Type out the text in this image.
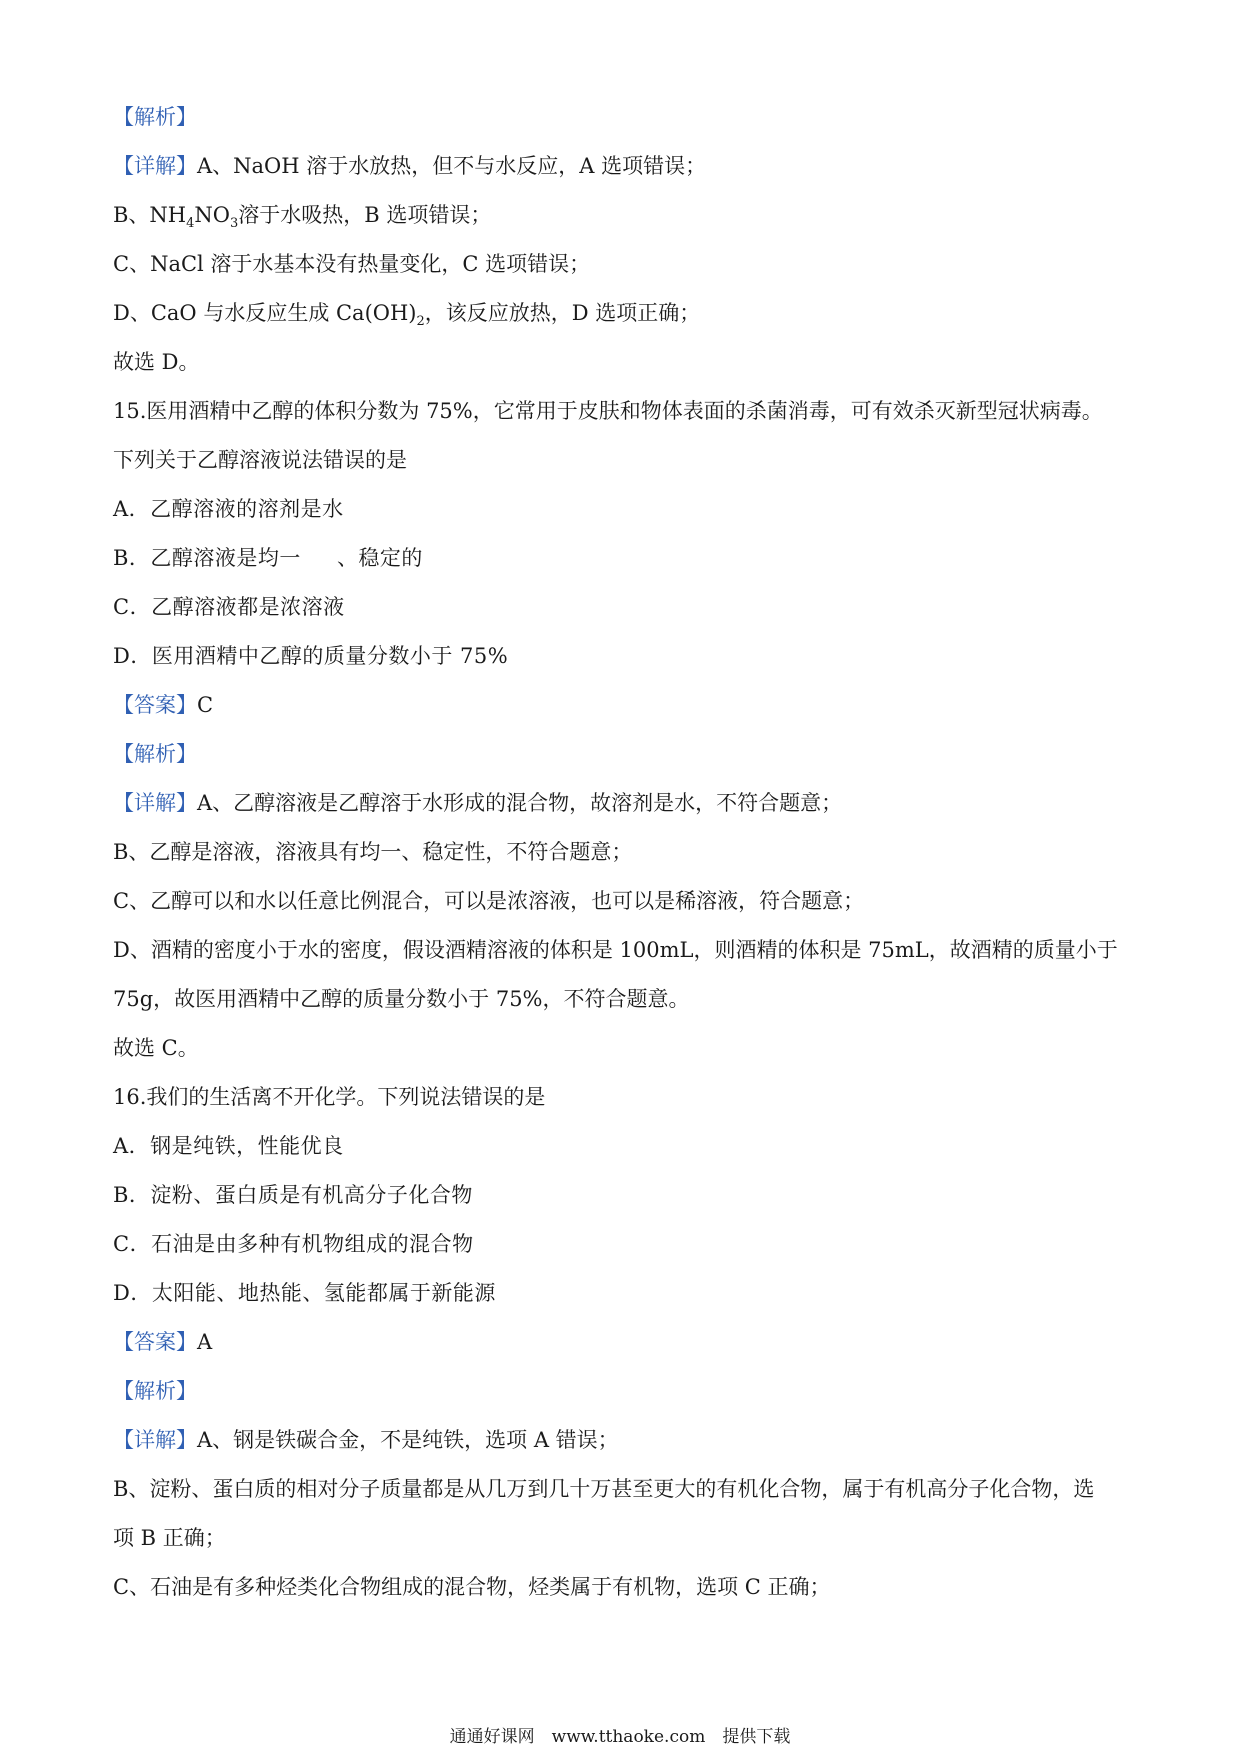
【解析】
【详解】A、NaOH 溶于水放热，但不与水反应，A 选项错误；
B、$NH_4NO_3$溶于水吸热，B 选项错误；
C、NaCl 溶于水基本没有热量变化，C 选项错误；
D、CaO 与水反应生成 $Ca(OH)_2$，该反应放热，D 选项正确；
故选 D。
15.医用酒精中乙醇的体积分数为 75%，它常用于皮肤和物体表面的杀菌消毒，可有效杀灭新型冠状病毒。
下列关于乙醇溶液说法错误的是
A．乙醇溶液的溶剂是水
B．乙醇溶液是均一 、稳定的
C．乙醇溶液都是浓溶液
D．医用酒精中乙醇的质量分数小于 75%
【答案】C
【解析】
【详解】A、乙醇溶液是乙醇溶于水形成的混合物，故溶剂是水，不符合题意；
B、乙醇是溶液，溶液具有均一、稳定性，不符合题意；
C、乙醇可以和水以任意比例混合，可以是浓溶液，也可以是稀溶液，符合题意；
D、酒精的密度小于水的密度，假设酒精溶液的体积是 100mL，则酒精的体积是 75mL，故酒精的质量小于
75g，故医用酒精中乙醇的质量分数小于 75%，不符合题意。
故选 C。
16.我们的生活离不开化学。下列说法错误的是
A．钢是纯铁，性能优良
B．淀粉、蛋白质是有机高分子化合物
C．石油是由多种有机物组成的混合物
D．太阳能、地热能、氢能都属于新能源
【答案】A
【解析】
【详解】A、钢是铁碳合金，不是纯铁，选项 A 错误；
B、淀粉、蛋白质的相对分子质量都是从几万到几十万甚至更大的有机化合物，属于有机高分子化合物，选
项 B 正确；
C、石油是有多种烃类化合物组成的混合物，烃类属于有机物，选项 C 正确；
通通好课网　www.tthaoke.com　提供下载
